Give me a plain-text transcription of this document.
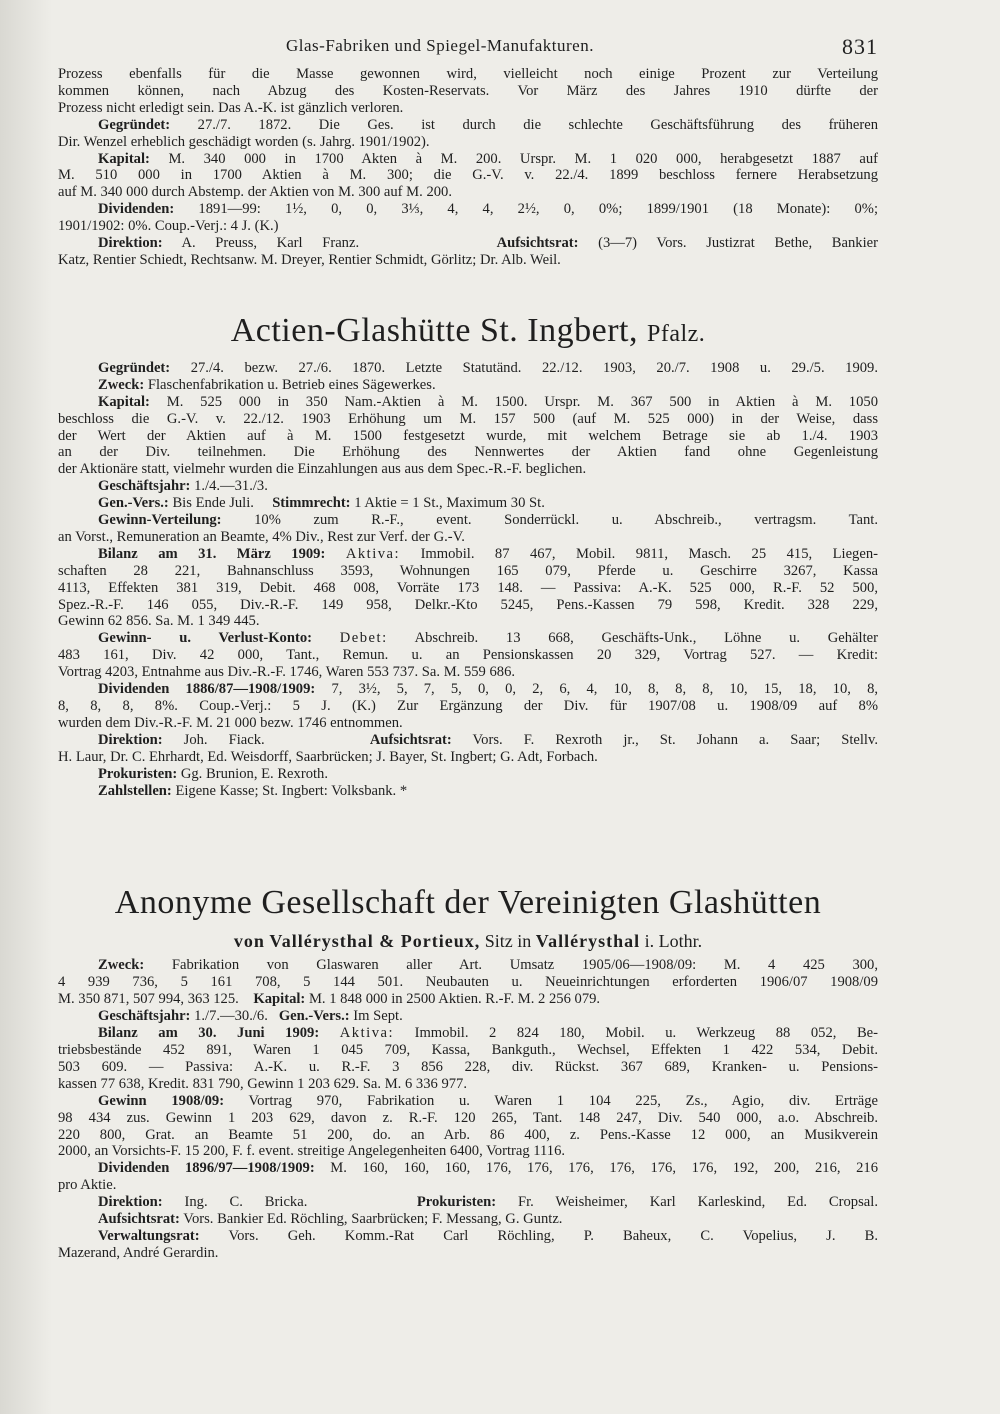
Glas-Fabriken und Spiegel-Manufakturen.	831
Prozess ebenfalls für die Masse gewonnen wird, vielleicht noch einige Prozent zur Verteilung
kommen können, nach Abzug des Kosten-Reservats. Vor März des Jahres 1910 dürfte der
Prozess nicht erledigt sein. Das A.-K. ist gänzlich verloren.
Gegründet: 27./7. 1872. Die Ges. ist durch die schlechte Geschäftsführung des früheren
Dir. Wenzel erheblich geschädigt worden (s. Jahrg. 1901/1902).
Kapital: M. 340 000 in 1700 Akten à M. 200. Urspr. M. 1 020 000, herabgesetzt 1887 auf
M. 510 000 in 1700 Aktien à M. 300; die G.-V. v. 22./4. 1899 beschloss fernere Herabsetzung
auf M. 340 000 durch Abstemp. der Aktien von M. 300 auf M. 200.
Dividenden: 1891—99: 1½, 0, 0, 3⅓, 4, 4, 2½, 0, 0%; 1899/1901 (18 Monate): 0%;
1901/1902: 0%. Coup.-Verj.: 4 J. (K.)
Direktion: A. Preuss, Karl Franz.	Aufsichtsrat: (3—7) Vors. Justizrat Bethe, Bankier
Katz, Rentier Schiedt, Rechtsanw. M. Dreyer, Rentier Schmidt, Görlitz; Dr. Alb. Weil.
Actien-Glashütte St. Ingbert, Pfalz.
Gegründet: 27./4. bezw. 27./6. 1870. Letzte Statutänd. 22./12. 1903, 20./7. 1908 u. 29./5. 1909.
Zweck: Flaschenfabrikation u. Betrieb eines Sägewerkes.
Kapital: M. 525 000 in 350 Nam.-Aktien à M. 1500. Urspr. M. 367 500 in Aktien à M. 1050
beschloss die G.-V. v. 22./12. 1903 Erhöhung um M. 157 500 (auf M. 525 000) in der Weise, dass
der Wert der Aktien auf à M. 1500 festgesetzt wurde, mit welchem Betrage sie ab 1./4. 1903
an der Div. teilnehmen. Die Erhöhung des Nennwertes der Aktien fand ohne Gegenleistung
der Aktionäre statt, vielmehr wurden die Einzahlungen aus aus dem Spec.-R.-F. beglichen.
Geschäftsjahr: 1./4.—31./3.
Gen.-Vers.: Bis Ende Juli. Stimmrecht: 1 Aktie = 1 St., Maximum 30 St.
Gewinn-Verteilung: 10% zum R.-F., event. Sonderrückl. u. Abschreib., vertragsm. Tant.
an Vorst., Remuneration an Beamte, 4% Div., Rest zur Verf. der G.-V.
Bilanz am 31. März 1909: Aktiva: Immobil. 87 467, Mobil. 9811, Masch. 25 415, Liegen-
schaften 28 221, Bahnanschluss 3593, Wohnungen 165 079, Pferde u. Geschirre 3267, Kassa
4113, Effekten 381 319, Debit. 468 008, Vorräte 173 148. — Passiva: A.-K. 525 000, R.-F. 52 500,
Spez.-R.-F. 146 055, Div.-R.-F. 149 958, Delkr.-Kto 5245, Pens.-Kassen 79 598, Kredit. 328 229,
Gewinn 62 856. Sa. M. 1 349 445.
Gewinn- u. Verlust-Konto: Debet: Abschreib. 13 668, Geschäfts-Unk., Löhne u. Gehälter
483 161, Div. 42 000, Tant., Remun. u. an Pensionskassen 20 329, Vortrag 527. — Kredit:
Vortrag 4203, Entnahme aus Div.-R.-F. 1746, Waren 553 737. Sa. M. 559 686.
Dividenden 1886/87—1908/1909: 7, 3½, 5, 7, 5, 0, 0, 2, 6, 4, 10, 8, 8, 8, 10, 15, 18, 10, 8,
8, 8, 8, 8%. Coup.-Verj.: 5 J. (K.) Zur Ergänzung der Div. für 1907/08 u. 1908/09 auf 8%
wurden dem Div.-R.-F. M. 21 000 bezw. 1746 entnommen.
Direktion: Joh. Fiack.	Aufsichtsrat: Vors. F. Rexroth jr., St. Johann a. Saar; Stellv.
H. Laur, Dr. C. Ehrhardt, Ed. Weisdorff, Saarbrücken; J. Bayer, St. Ingbert; G. Adt, Forbach.
Prokuristen: Gg. Brunion, E. Rexroth.
Zahlstellen: Eigene Kasse; St. Ingbert: Volksbank. *
Anonyme Gesellschaft der Vereinigten Glashütten
von Vallérysthal & Portieux, Sitz in Vallérysthal i. Lothr.
Zweck: Fabrikation von Glaswaren aller Art. Umsatz 1905/06—1908/09: M. 4 425 300,
4 939 736, 5 161 708, 5 144 501. Neubauten u. Neueinrichtungen erforderten 1906/07 1908/09
M. 350 871, 507 994, 363 125. Kapital: M. 1 848 000 in 2500 Aktien. R.-F. M. 2 256 079.
Geschäftsjahr: 1./7.—30./6. Gen.-Vers.: Im Sept.
Bilanz am 30. Juni 1909: Aktiva: Immobil. 2 824 180, Mobil. u. Werkzeug 88 052, Be-
triebsbestände 452 891, Waren 1 045 709, Kassa, Bankguth., Wechsel, Effekten 1 422 534, Debit.
503 609. — Passiva: A.-K. u. R.-F. 3 856 228, div. Rückst. 367 689, Kranken- u. Pensions-
kassen 77 638, Kredit. 831 790, Gewinn 1 203 629. Sa. M. 6 336 977.
Gewinn 1908/09: Vortrag 970, Fabrikation u. Waren 1 104 225, Zs., Agio, div. Erträge
98 434 zus. Gewinn 1 203 629, davon z. R.-F. 120 265, Tant. 148 247, Div. 540 000, a.o. Abschreib.
220 800, Grat. an Beamte 51 200, do. an Arb. 86 400, z. Pens.-Kasse 12 000, an Musikverein
2000, an Vorsichts-F. 15 200, F. f. event. streitige Angelegenheiten 6400, Vortrag 1116.
Dividenden 1896/97—1908/1909: M. 160, 160, 160, 176, 176, 176, 176, 176, 176, 192, 200, 216, 216
pro Aktie.
Direktion: Ing. C. Bricka.	Prokuristen: Fr. Weisheimer, Karl Karleskind, Ed. Cropsal.
Aufsichtsrat: Vors. Bankier Ed. Röchling, Saarbrücken; F. Messang, G. Guntz.
Verwaltungsrat: Vors. Geh. Komm.-Rat Carl Röchling, P. Baheux, C. Vopelius, J. B.
Mazerand, André Gerardin.
